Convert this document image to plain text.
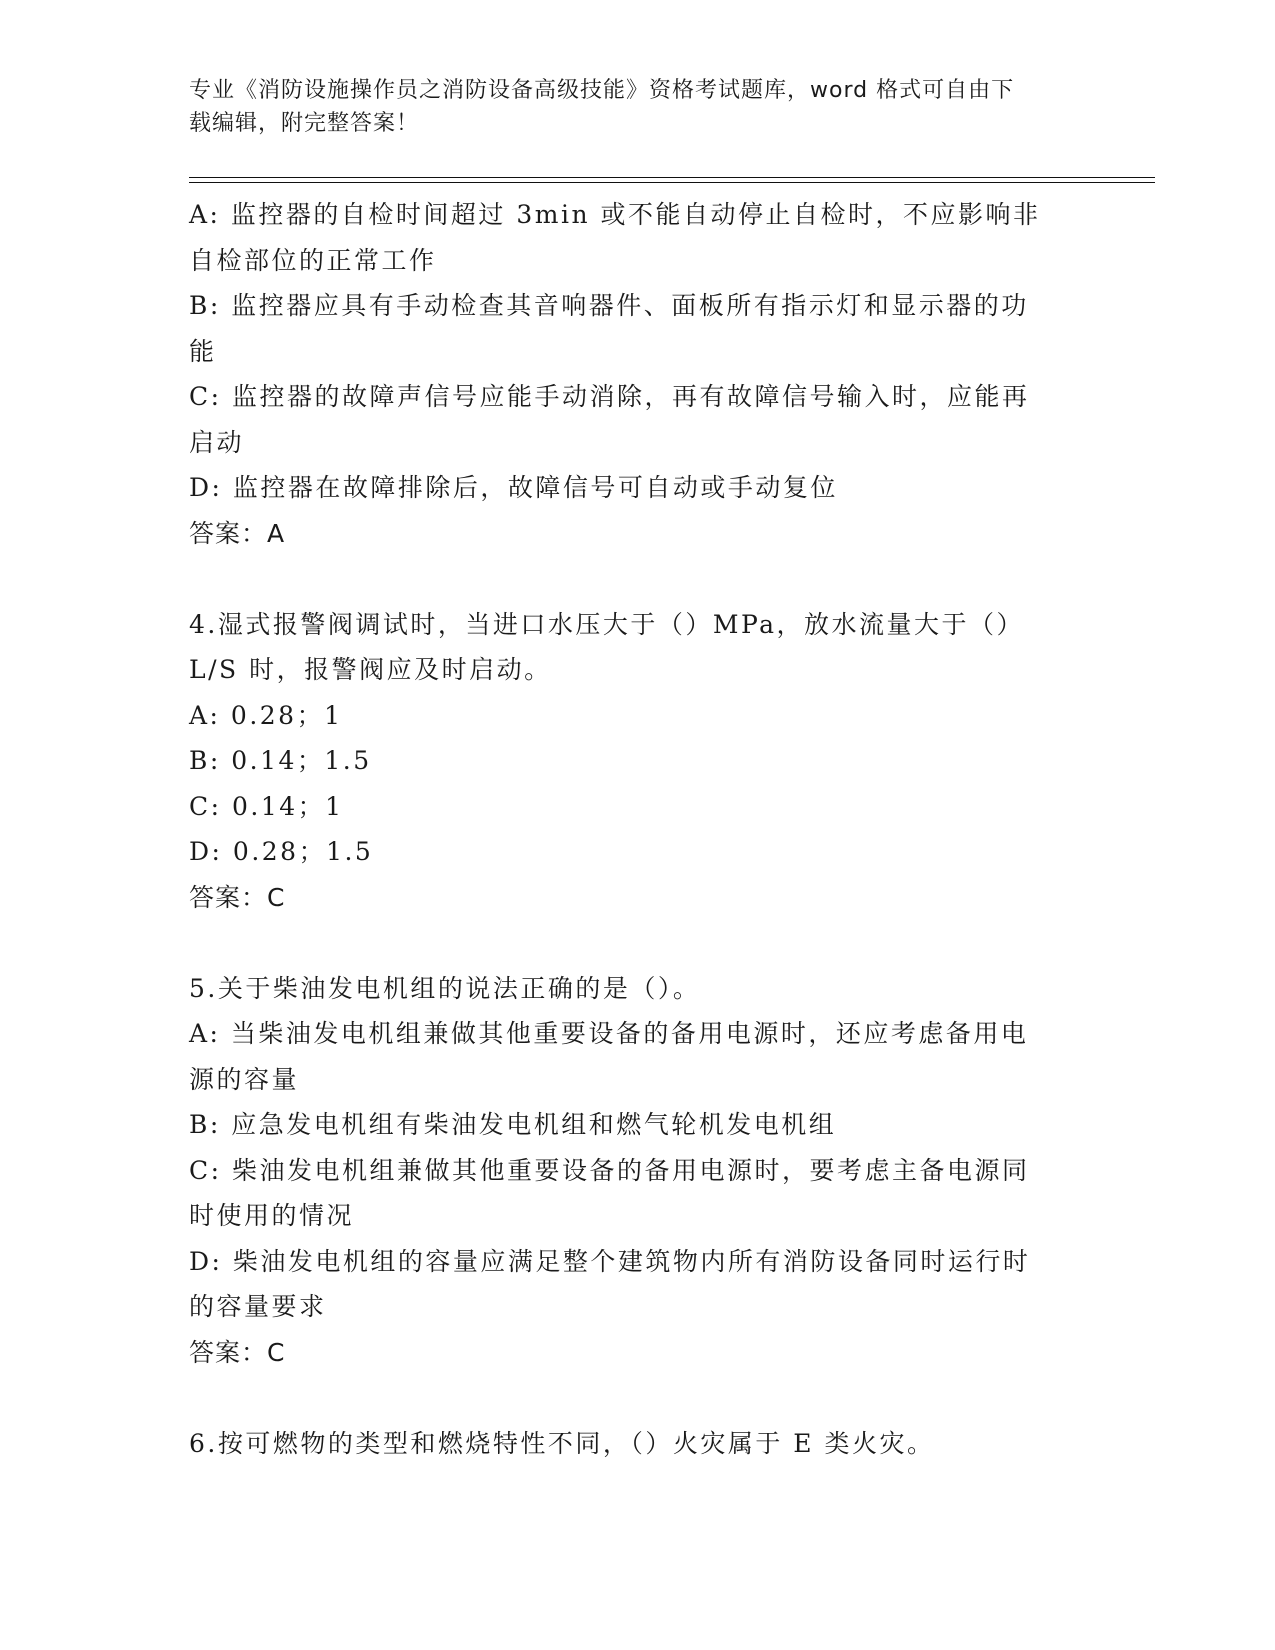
专业《消防设施操作员之消防设备高级技能》资格考试题库，word 格式可自由下
载编辑，附完整答案！
A: 监控器的自检时间超过 3min 或不能自动停止自检时，不应影响非
自检部位的正常工作
B: 监控器应具有手动检查其音响器件、面板所有指示灯和显示器的功
能
C: 监控器的故障声信号应能手动消除，再有故障信号输入时，应能再
启动
D: 监控器在故障排除后，故障信号可自动或手动复位
答案：A
4.湿式报警阀调试时，当进口水压大于（）MPa，放水流量大于（）
L/S 时，报警阀应及时启动。
A: 0.28；1
B: 0.14；1.5
C: 0.14；1
D: 0.28；1.5
答案：C
5.关于柴油发电机组的说法正确的是（）。
A: 当柴油发电机组兼做其他重要设备的备用电源时，还应考虑备用电
源的容量
B: 应急发电机组有柴油发电机组和燃气轮机发电机组
C: 柴油发电机组兼做其他重要设备的备用电源时，要考虑主备电源同
时使用的情况
D: 柴油发电机组的容量应满足整个建筑物内所有消防设备同时运行时
的容量要求
答案：C
6.按可燃物的类型和燃烧特性不同，（）火灾属于 E 类火灾。
